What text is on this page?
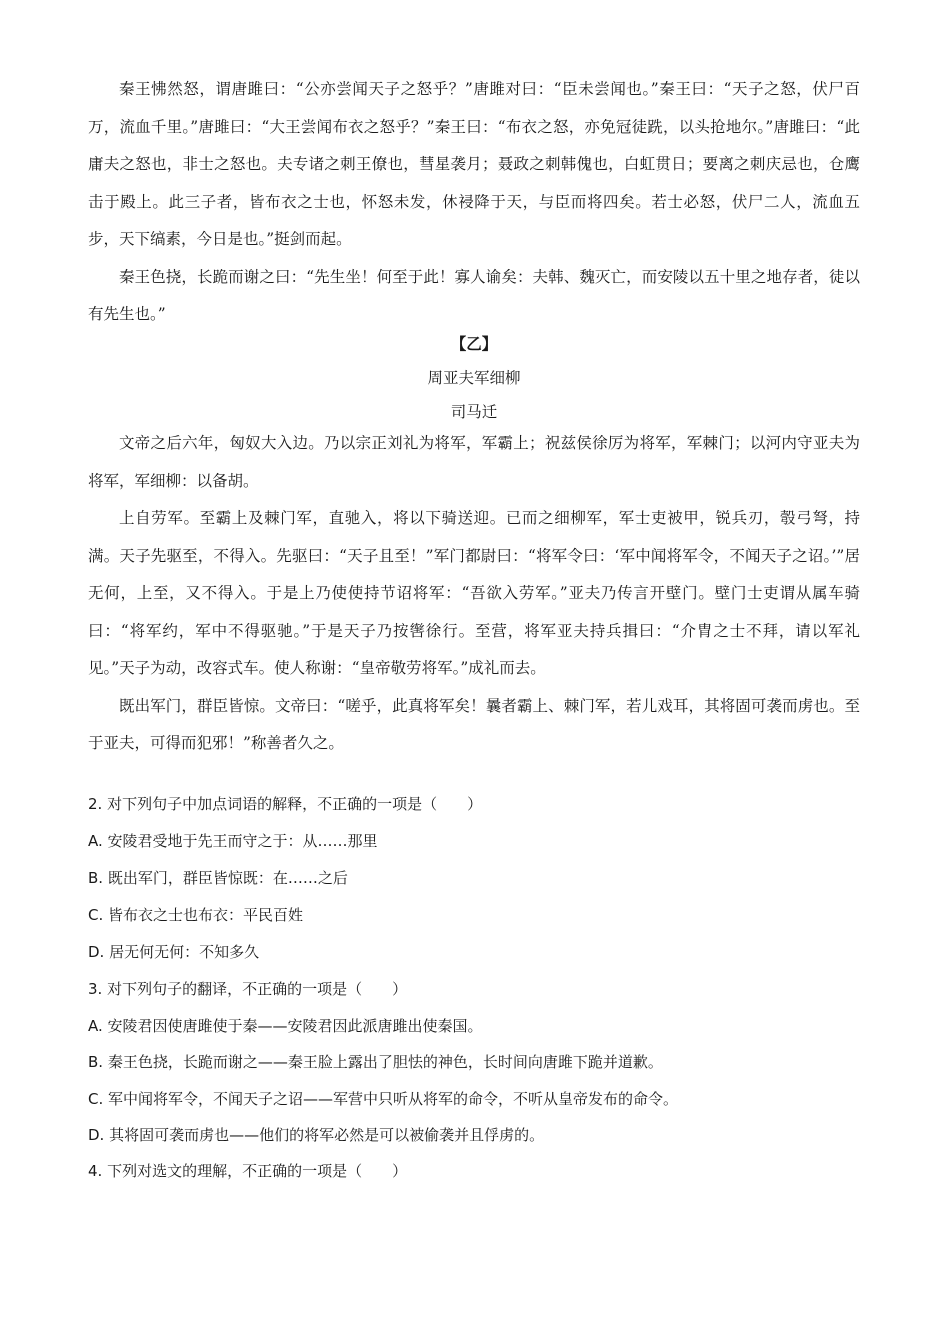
秦王怫然怒，谓唐雎曰：“公亦尝闻天子之怒乎？”唐雎对曰：“臣未尝闻也。”秦王曰：“天子之怒，伏尸百万，流血千里。”唐雎曰：“大王尝闻布衣之怒乎？”秦王曰：“布衣之怒，亦免冠徒跣，以头抢地尔。”唐雎曰：“此庸夫之怒也，非士之怒也。夫专诸之刺王僚也，彗星袭月；聂政之刺韩傀也，白虹贯日；要离之刺庆忌也，仓鹰击于殿上。此三子者，皆布衣之士也，怀怒未发，休祲降于天，与臣而将四矣。若士必怒，伏尸二人，流血五步，天下缟素，今日是也。”挺剑而起。

秦王色挠，长跪而谢之曰：“先生坐！何至于此！寡人谕矣：夫韩、魏灭亡，而安陵以五十里之地存者，徒以有先生也。”

【乙】
周亚夫军细柳
司马迁

文帝之后六年，匈奴大入边。乃以宗正刘礼为将军，军霸上；祝兹侯徐厉为将军，军棘门；以河内守亚夫为将军，军细柳：以备胡。

上自劳军。至霸上及棘门军，直驰入，将以下骑送迎。已而之细柳军，军士吏被甲，锐兵刃，彀弓弩，持满。天子先驱至，不得入。先驱曰：“天子且至！”军门都尉曰：“将军令曰：‘军中闻将军令，不闻天子之诏。’”居无何，上至，又不得入。于是上乃使使持节诏将军：“吾欲入劳军。”亚夫乃传言开壁门。壁门士吏谓从属车骑曰：“将军约，军中不得驱驰。”于是天子乃按辔徐行。至营，将军亚夫持兵揖曰：“介胄之士不拜，请以军礼见。”天子为动，改容式车。使人称谢：“皇帝敬劳将军。”成礼而去。

既出军门，群臣皆惊。文帝曰：“嗟乎，此真将军矣！曩者霸上、棘门军，若儿戏耳，其将固可袭而虏也。至于亚夫，可得而犯邪！”称善者久之。

2. 对下列句子中加点词语的解释，不正确的一项是（　　）
A. 安陵君受地于先王而守之于：从……那里
B. 既出军门，群臣皆惊既：在……之后
C. 皆布衣之士也布衣：平民百姓
D. 居无何无何：不知多久
3. 对下列句子的翻译，不正确的一项是（　　）
A. 安陵君因使唐雎使于秦——安陵君因此派唐雎出使秦国。
B. 秦王色挠，长跪而谢之——秦王脸上露出了胆怯的神色，长时间向唐雎下跪并道歉。
C. 军中闻将军令，不闻天子之诏——军营中只听从将军的命令，不听从皇帝发布的命令。
D. 其将固可袭而虏也——他们的将军必然是可以被偷袭并且俘虏的。
4. 下列对选文的理解，不正确的一项是（　　）
